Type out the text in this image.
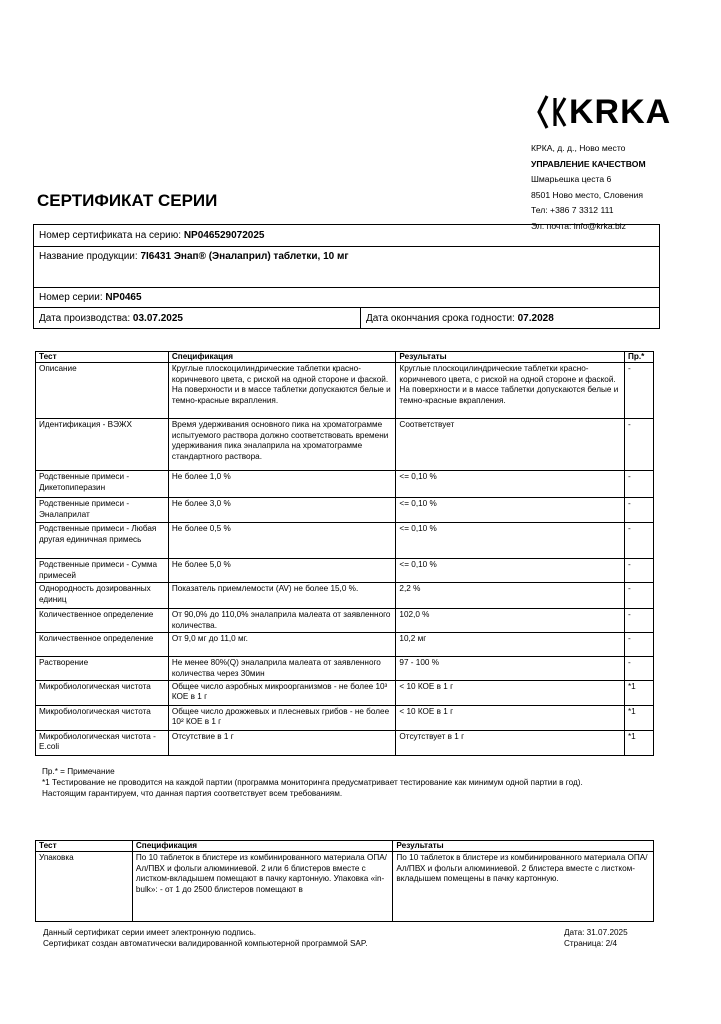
KRKA
КРКА, д. д., Ново место
УПРАВЛЕНИЕ КАЧЕСТВОМ
Шмарьешка цеста 6
8501 Ново место, Словения
Тел: +386 7 3312 111
Эл. почта: info@krka.biz
СЕРТИФИКАТ СЕРИИ
Номер сертификата на серию:
NP046529072025
Название продукции:
7I6431 Энап® (Эналаприл) таблетки, 10 мг
Номер серии:
NP0465
Дата производства:
03.07.2025	Дата окончания срока годности:
07.2028
Тест	Спецификация	Результаты	Пр.*
Описание	Круглые плоскоцилиндрические таблетки красно-коричневого цвета, с риской на одной стороне и фаской. На поверхности и в массе таблетки допускаются белые и темно-красные вкрапления.	Круглые плоскоцилиндрические таблетки красно-коричневого цвета, с риской на одной стороне и фаской. На поверхности и в массе таблетки допускаются белые и темно-красные вкрапления.	-
Идентификация - ВЭЖХ	Время удерживания основного пика на хроматограмме испытуемого раствора должно соответствовать времени удерживания пика эналаприла на хроматограмме стандартного раствора.	Соответствует	-
Родственные примеси - Дикетопиперазин	Не более 1,0 %	<= 0,10 %	-
Родственные примеси - Эналаприлат	Не более 3,0 %	<= 0,10 %	-
Родственные примеси - Любая другая единичная примесь	Не более 0,5 %	<= 0,10 %	-
Родственные примеси - Сумма примесей	Не более 5,0 %	<= 0,10 %	-
Однородность дозированных единиц	Показатель приемлемости (AV) не более 15,0 %.	2,2 %	-
Количественное определение	От 90,0% до 110,0% эналаприла малеата от заявленного количества.	102,0 %	-
Количественное определение	От 9,0 мг до 11,0 мг.	10,2 мг	-
Растворение	Не менее 80%(Q) эналаприла малеата от заявленного количества через 30мин	97 - 100 %	-
Микробиологическая чистота	Общее число аэробных микроорганизмов - не более 10³ КОЕ в 1 г	< 10 КОЕ в 1 г	*1
Микробиологическая чистота	Общее число дрожжевых и плесневых грибов - не более 10² КОЕ в 1 г	< 10 КОЕ в 1 г	*1
Микробиологическая чистота - E.coli	Отсутствие в 1 г	Отсутствует в 1 г	*1
Пр.* = Примечание
*1 Тестирование не проводится на каждой партии (программа мониторинга предусматривает тестирование как минимум одной партии в год).
Настоящим гарантируем, что данная партия соответствует всем требованиям.
Тест	Спецификация	Результаты
Упаковка	По 10 таблеток в блистере из комбинированного материала ОПА/Ал/ПВХ и фольги алюминиевой. 2 или 6 блистеров вместе с листком-вкладышем помещают в пачку картонную. Упаковка «in-bulk»: - от 1 до 2500 блистеров помещают в	По 10 таблеток в блистере из комбинированного материала ОПА/Ал/ПВХ и фольги алюминиевой. 2 блистера вместе с листком-вкладышем помещены в пачку картонную.
Данный сертификат серии имеет электронную подпись.
Сертификат создан автоматически валидированной компьютерной программой SAP.
Дата: 31.07.2025
Страница: 2/4
